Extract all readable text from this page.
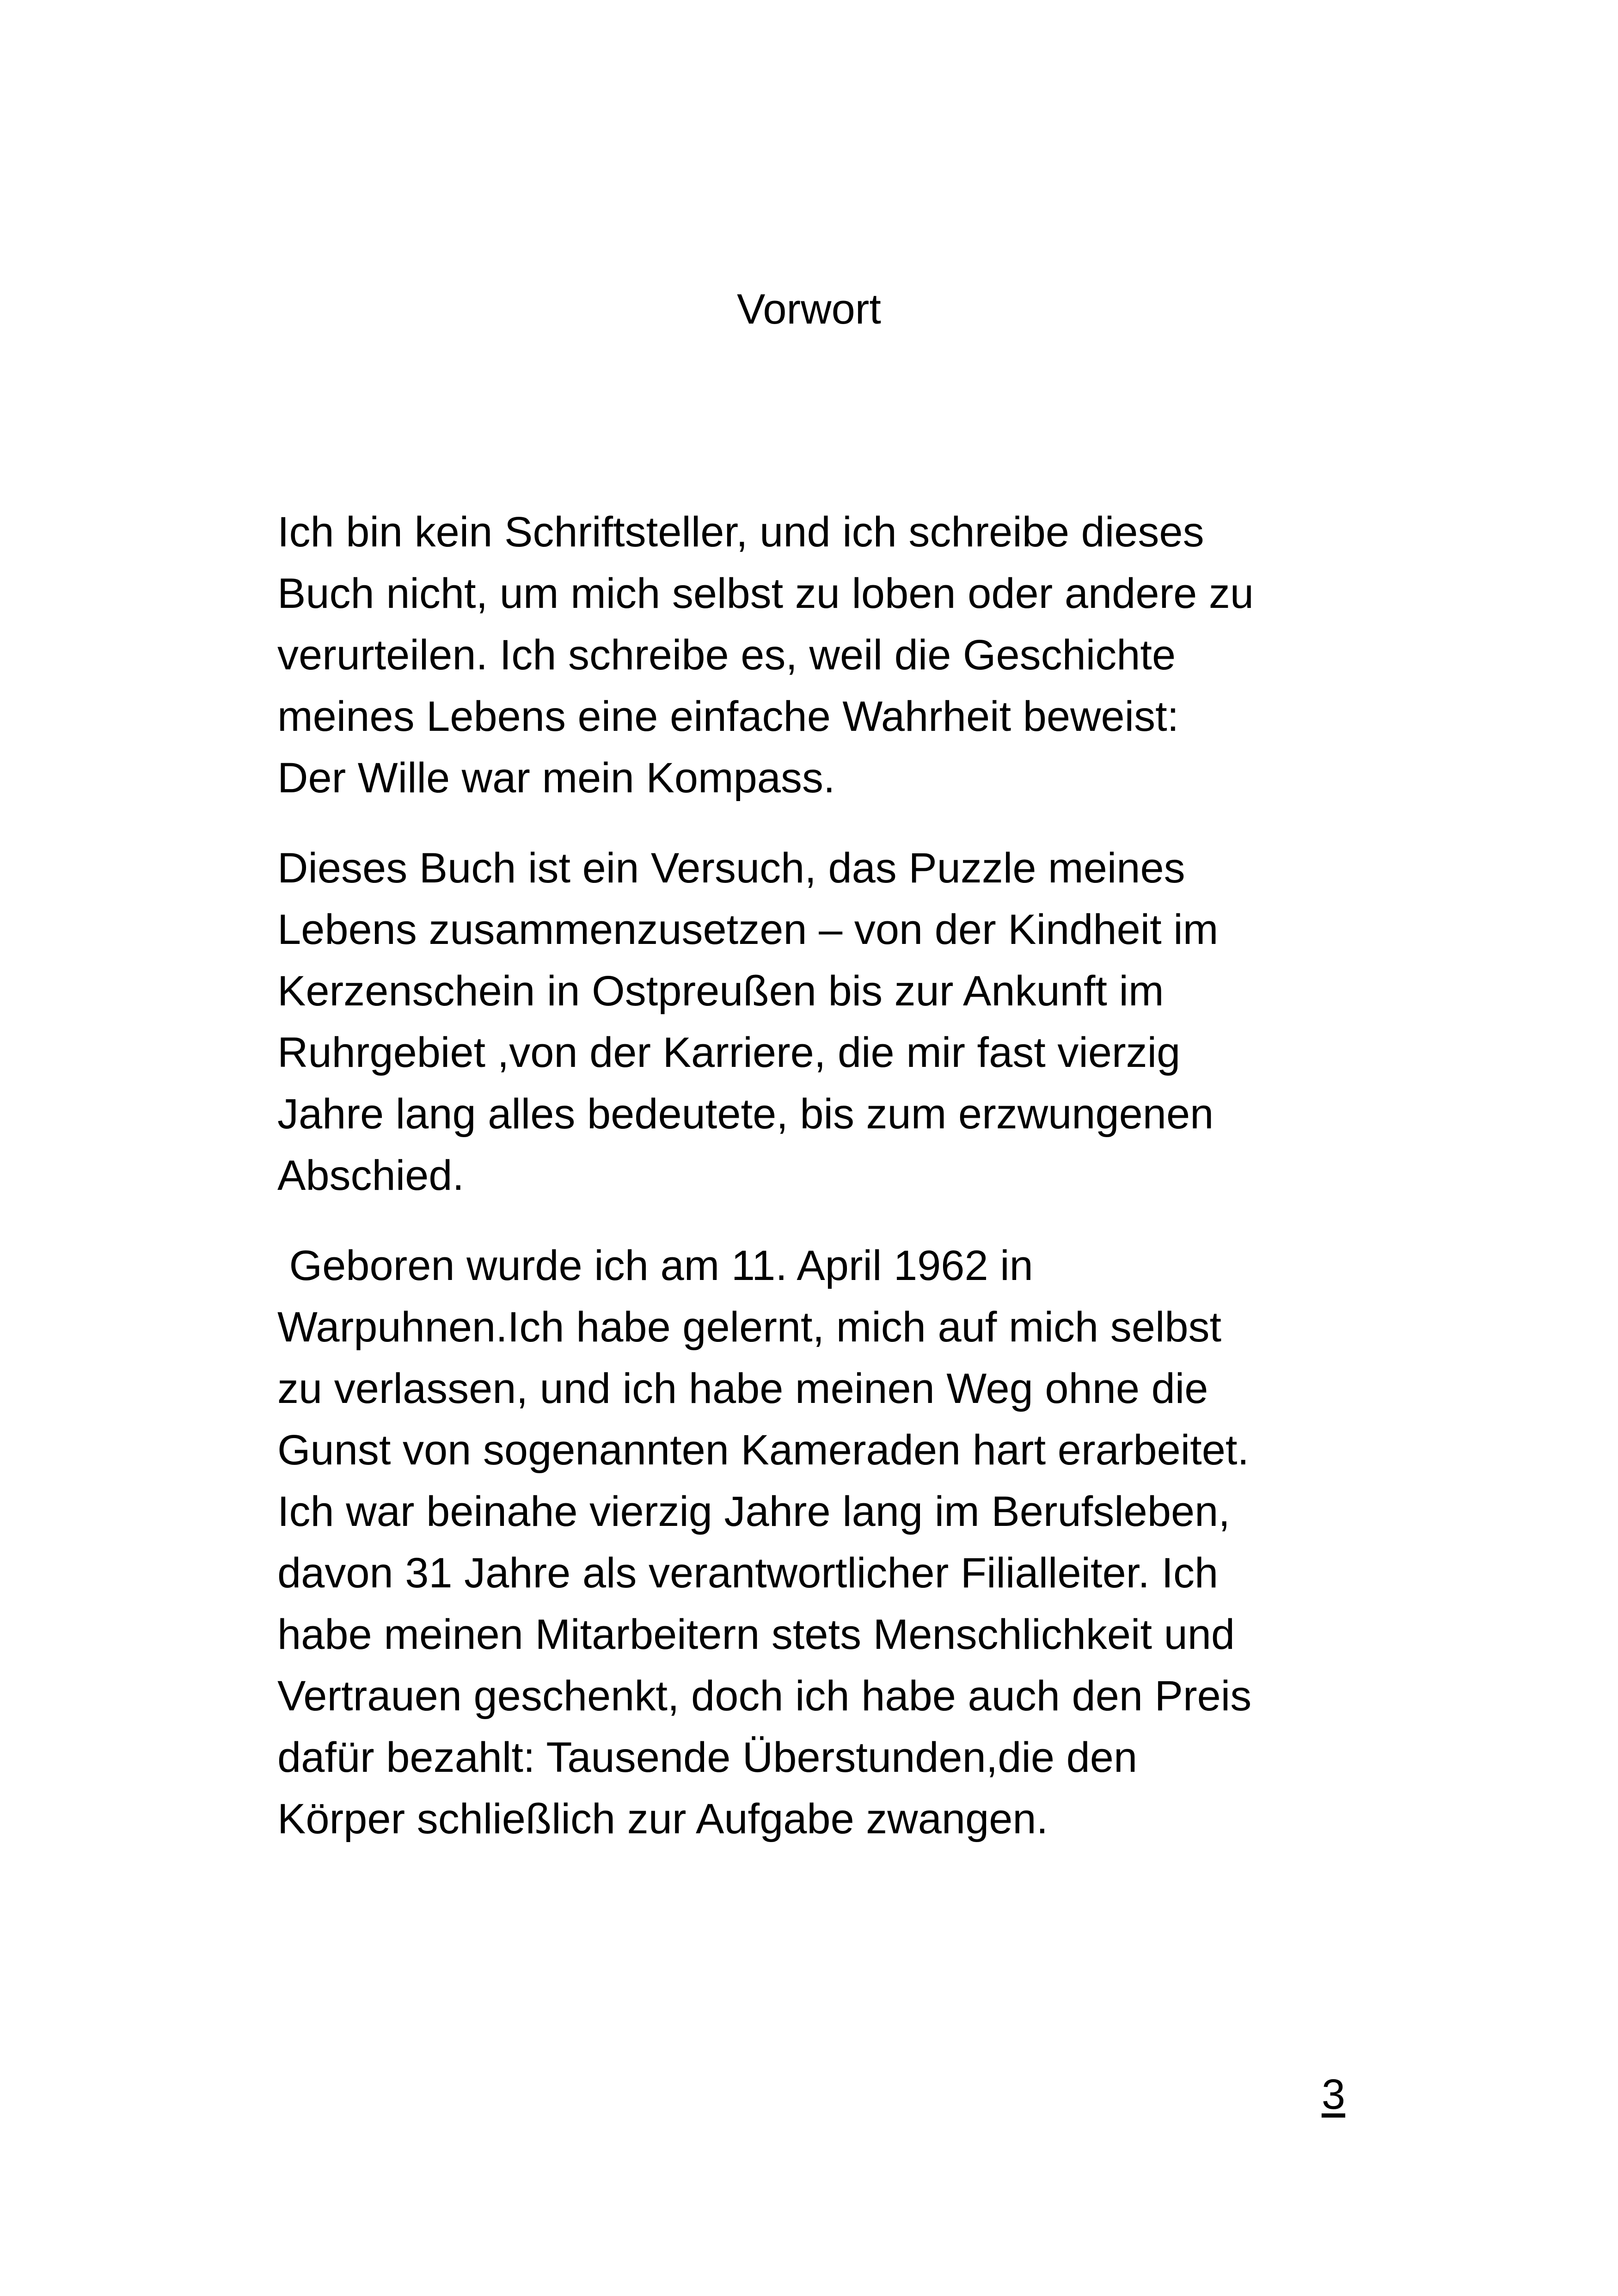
Vorwort

Ich bin kein Schriftsteller, und ich schreibe dieses
Buch nicht, um mich selbst zu loben oder andere zu
verurteilen. Ich schreibe es, weil die Geschichte
meines Lebens eine einfache Wahrheit beweist:
Der Wille war mein Kompass.

Dieses Buch ist ein Versuch, das Puzzle meines
Lebens zusammenzusetzen – von der Kindheit im
Kerzenschein in Ostpreußen bis zur Ankunft im
Ruhrgebiet ,von der Karriere, die mir fast vierzig
Jahre lang alles bedeutete, bis zum erzwungenen
Abschied.

Geboren wurde ich am 11. April 1962 in
Warpuhnen.Ich habe gelernt, mich auf mich selbst
zu verlassen, und ich habe meinen Weg ohne die
Gunst von sogenannten Kameraden hart erarbeitet.
Ich war beinahe vierzig Jahre lang im Berufsleben,
davon 31 Jahre als verantwortlicher Filialleiter. Ich
habe meinen Mitarbeitern stets Menschlichkeit und
Vertrauen geschenkt, doch ich habe auch den Preis
dafür bezahlt: Tausende Überstunden,die den
Körper schließlich zur Aufgabe zwangen.

3
